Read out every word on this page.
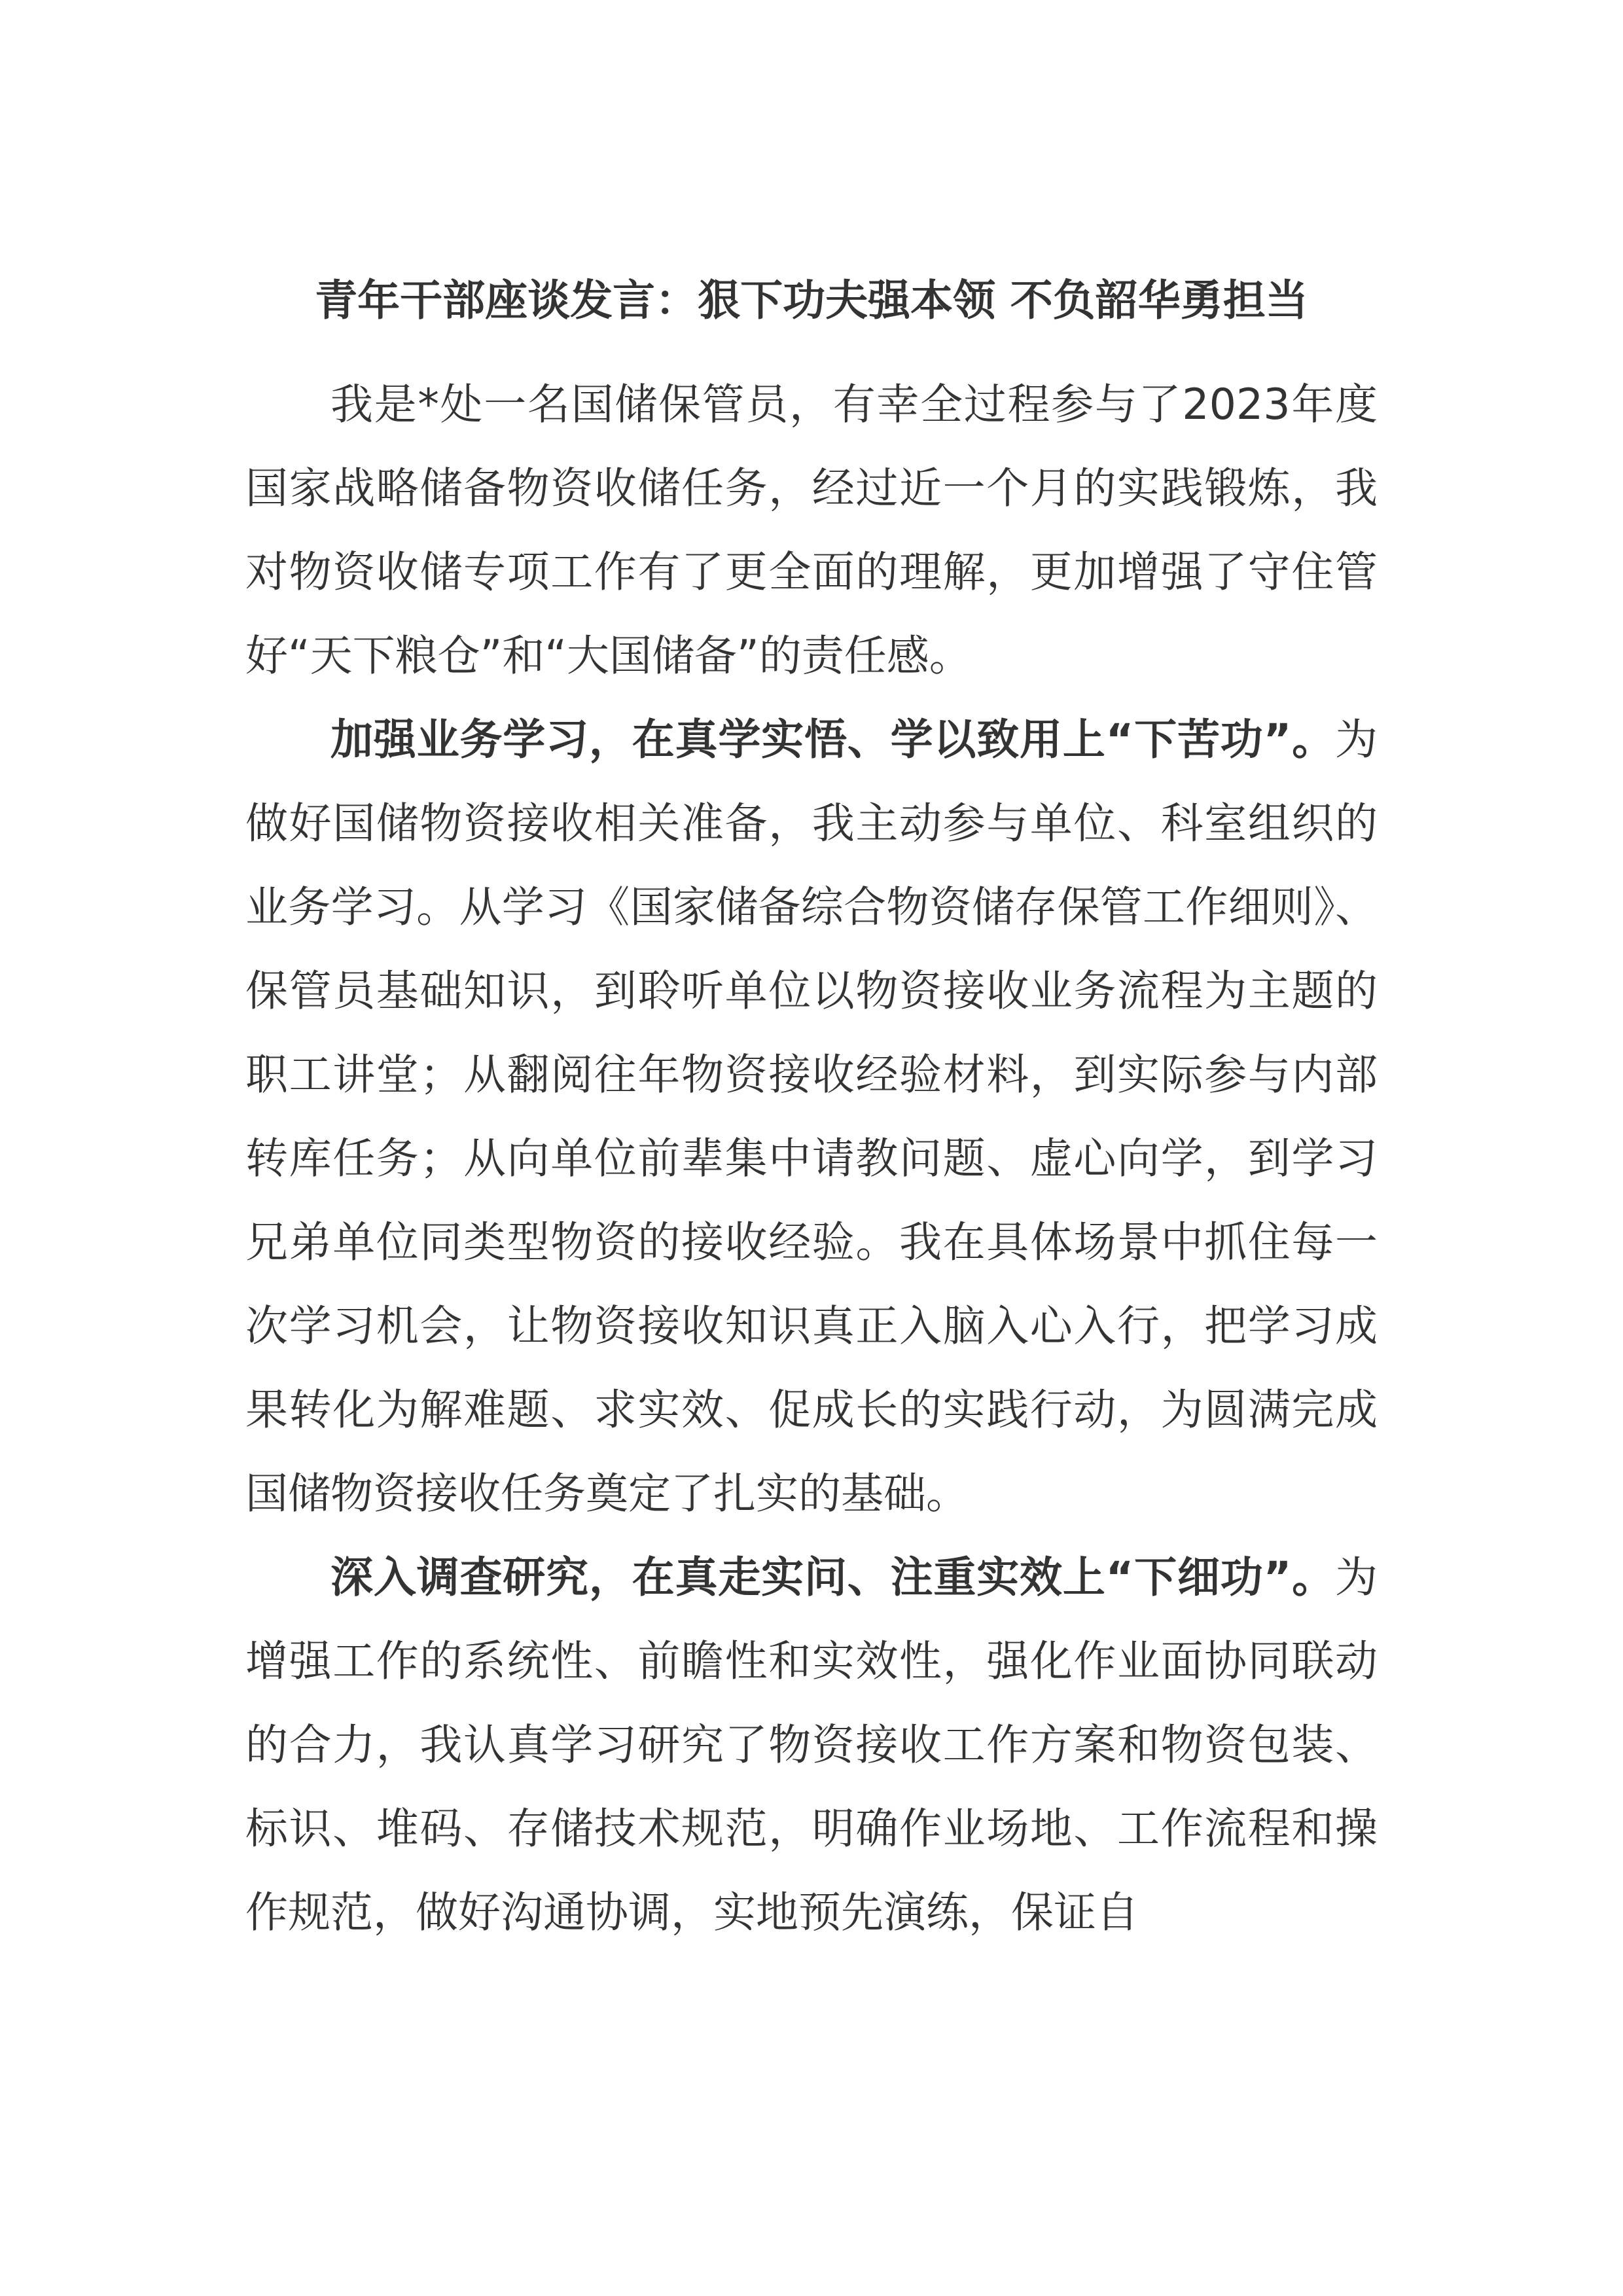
青年干部座谈发言：狠下功夫强本领 不负韶华勇担当

我是*处一名国储保管员，有幸全过程参与了2023年度国家战略储备物资收储任务，经过近一个月的实践锻炼，我对物资收储专项工作有了更全面的理解，更加增强了守住管好“天下粮仓”和“大国储备”的责任感。

加强业务学习，在真学实悟、学以致用上“下苦功”。为做好国储物资接收相关准备，我主动参与单位、科室组织的业务学习。从学习《国家储备综合物资储存保管工作细则》、保管员基础知识，到聆听单位以物资接收业务流程为主题的职工讲堂；从翻阅往年物资接收经验材料，到实际参与内部转库任务；从向单位前辈集中请教问题、虚心向学，到学习兄弟单位同类型物资的接收经验。我在具体场景中抓住每一次学习机会，让物资接收知识真正入脑入心入行，把学习成果转化为解难题、求实效、促成长的实践行动，为圆满完成国储物资接收任务奠定了扎实的基础。

深入调查研究，在真走实问、注重实效上“下细功”。为增强工作的系统性、前瞻性和实效性，强化作业面协同联动的合力，我认真学习研究了物资接收工作方案和物资包装、标识、堆码、存储技术规范，明确作业场地、工作流程和操作规范，做好沟通协调，实地预先演练，保证自
